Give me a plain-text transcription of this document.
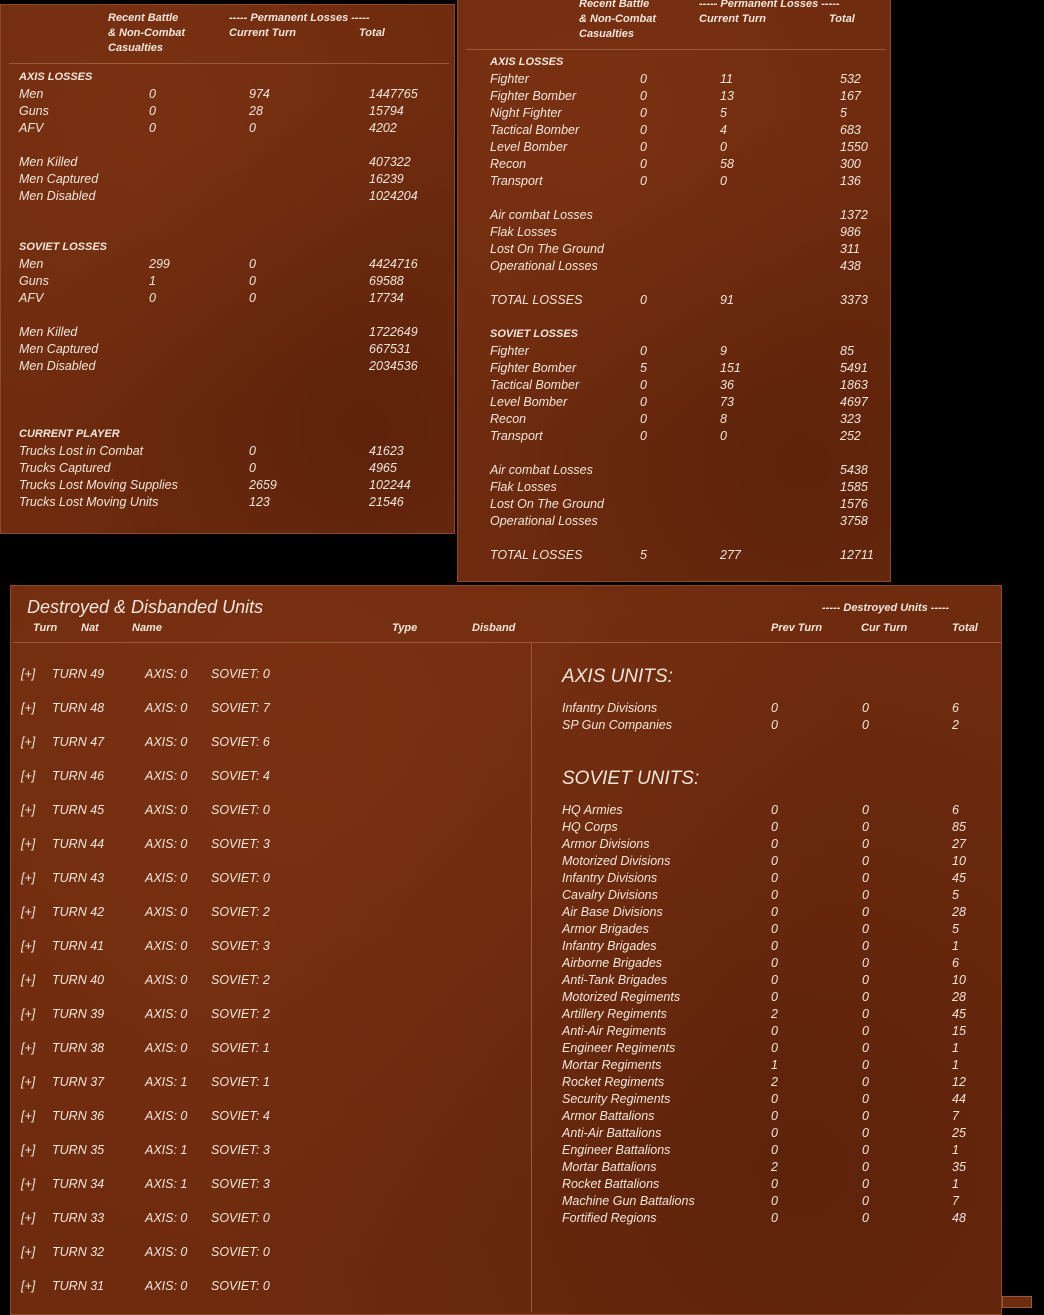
Recent Battle
& Non-Combat
Casualties
----- Permanent Losses -----
Current Turn	Total
AXIS LOSSES
Men	0	974	1447765
Guns	0	28	15794
AFV	0	0	4202
Men Killed	407322
Men Captured	16239
Men Disabled	1024204
SOVIET LOSSES
Men	299	0	4424716
Guns	1	0	69588
AFV	0	0	17734
Men Killed	1722649
Men Captured	667531
Men Disabled	2034536
CURRENT PLAYER
Trucks Lost in Combat	0	41623
Trucks Captured	0	4965
Trucks Lost Moving Supplies	2659	102244
Trucks Lost Moving Units	123	21546
Recent Battle
& Non-Combat
Casualties
----- Permanent Losses -----
Current Turn	Total
AXIS LOSSES
Fighter	0	11	532
Fighter Bomber	0	13	167
Night Fighter	0	5	5
Tactical Bomber	0	4	683
Level Bomber	0	0	1550
Recon	0	58	300
Transport	0	0	136
Air combat Losses	1372
Flak Losses	986
Lost On The Ground	311
Operational Losses	438
TOTAL LOSSES	0	91	3373
SOVIET LOSSES
Fighter	0	9	85
Fighter Bomber	5	151	5491
Tactical Bomber	0	36	1863
Level Bomber	0	73	4697
Recon	0	8	323
Transport	0	0	252
Air combat Losses	5438
Flak Losses	1585
Lost On The Ground	1576
Operational Losses	3758
TOTAL LOSSES	5	277	12711
Destroyed & Disbanded Units
Turn Nat	Name	Type	Disband
----- Destroyed Units -----
Prev Turn	Cur Turn	Total
[+] TURN 49	AXIS: 0 SOVIET: 0
[+] TURN 48	AXIS: 0 SOVIET: 7
[+] TURN 47	AXIS: 0 SOVIET: 6
[+] TURN 46	AXIS: 0 SOVIET: 4
[+] TURN 45	AXIS: 0 SOVIET: 0
[+] TURN 44	AXIS: 0 SOVIET: 3
[+] TURN 43	AXIS: 0 SOVIET: 0
[+] TURN 42	AXIS: 0 SOVIET: 2
[+] TURN 41	AXIS: 0 SOVIET: 3
[+] TURN 40	AXIS: 0 SOVIET: 2
[+] TURN 39	AXIS: 0 SOVIET: 2
[+] TURN 38	AXIS: 0 SOVIET: 1
[+] TURN 37	AXIS: 1 SOVIET: 1
[+] TURN 36	AXIS: 0 SOVIET: 4
[+] TURN 35	AXIS: 1 SOVIET: 3
[+] TURN 34	AXIS: 1 SOVIET: 3
[+] TURN 33	AXIS: 0 SOVIET: 0
[+] TURN 32	AXIS: 0 SOVIET: 0
[+] TURN 31	AXIS: 0 SOVIET: 0
AXIS UNITS:
Infantry Divisions	0	0	6
SP Gun Companies	0	0	2
SOVIET UNITS:
HQ Armies	0	0	6
HQ Corps	0	0	85
Armor Divisions	0	0	27
Motorized Divisions	0	0	10
Infantry Divisions	0	0	45
Cavalry Divisions	0	0	5
Air Base Divisions	0	0	28
Armor Brigades	0	0	5
Infantry Brigades	0	0	1
Airborne Brigades	0	0	6
Anti-Tank Brigades	0	0	10
Motorized Regiments	0	0	28
Artillery Regiments	2	0	45
Anti-Air Regiments	0	0	15
Engineer Regiments	0	0	1
Mortar Regiments	1	0	1
Rocket Regiments	2	0	12
Security Regiments	0	0	44
Armor Battalions	0	0	7
Anti-Air Battalions	0	0	25
Engineer Battalions	0	0	1
Mortar Battalions	2	0	35
Rocket Battalions	0	0	1
Machine Gun Battalions	0	0	7
Fortified Regions	0	0	48
